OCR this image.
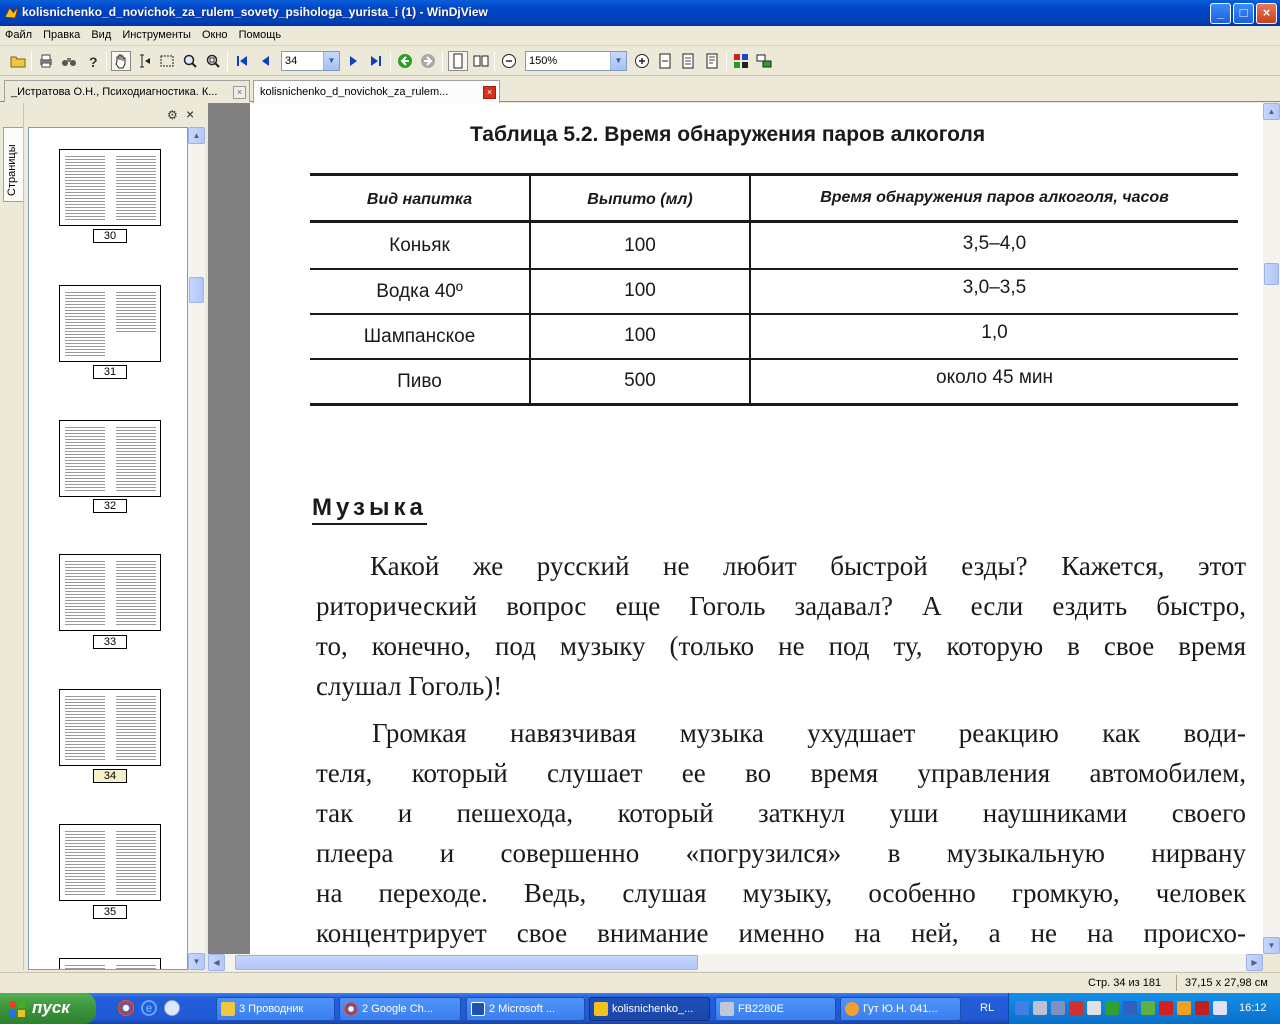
kolisnichenko_d_novichok_za_rulem_sovety_psihologa_yurista_i (1) - WinDjView	_	□	×
Файл Правка Вид Инструменты Окно Помощь
?	34	▼	150%	▼
_Истратова О.Н., Психодиагностика. К...	×	kolisnichenko_d_novichok_za_rulem...	×
Страницы
⚙ ×
30
31
32
33
34
35
▲
▼
Таблица 5.2. Время обнаружения паров алкоголя
Вид напитка	Выпито (мл)	Время обнаружения паров алкоголя, часов
Коньяк	100	3,5–4,0
Водка 40º	100	3,0–3,5
Шампанское	100	1,0
Пиво	500	около 45 мин
Музыка
Какой же русский не любит быстрой езды? Кажется, этот
риторический вопрос еще Гоголь задавал? А если ездить быстро,
то, конечно, под музыку (только не под ту, которую в свое время
слушал Гоголь)!
Громкая навязчивая музыка ухудшает реакцию как води-
теля, который слушает ее во время управления автомобилем,
так и пешехода, который заткнул уши наушниками своего
плеера и совершенно «погрузился» в музыкальную нирвану
на переходе. Ведь, слушая музыку, особенно громкую, человек
концентрирует свое внимание именно на ней, а не на происхо-
▲
▼
◀	▶
Стр. 34 из 181 37,15 x 27,98 см
пуск	e	3 Проводник	2 Google Ch...	2 Microsoft ...	kolisnichenko_...	FB2280E	Гут Ю.Н. 041...	RL	16:12
